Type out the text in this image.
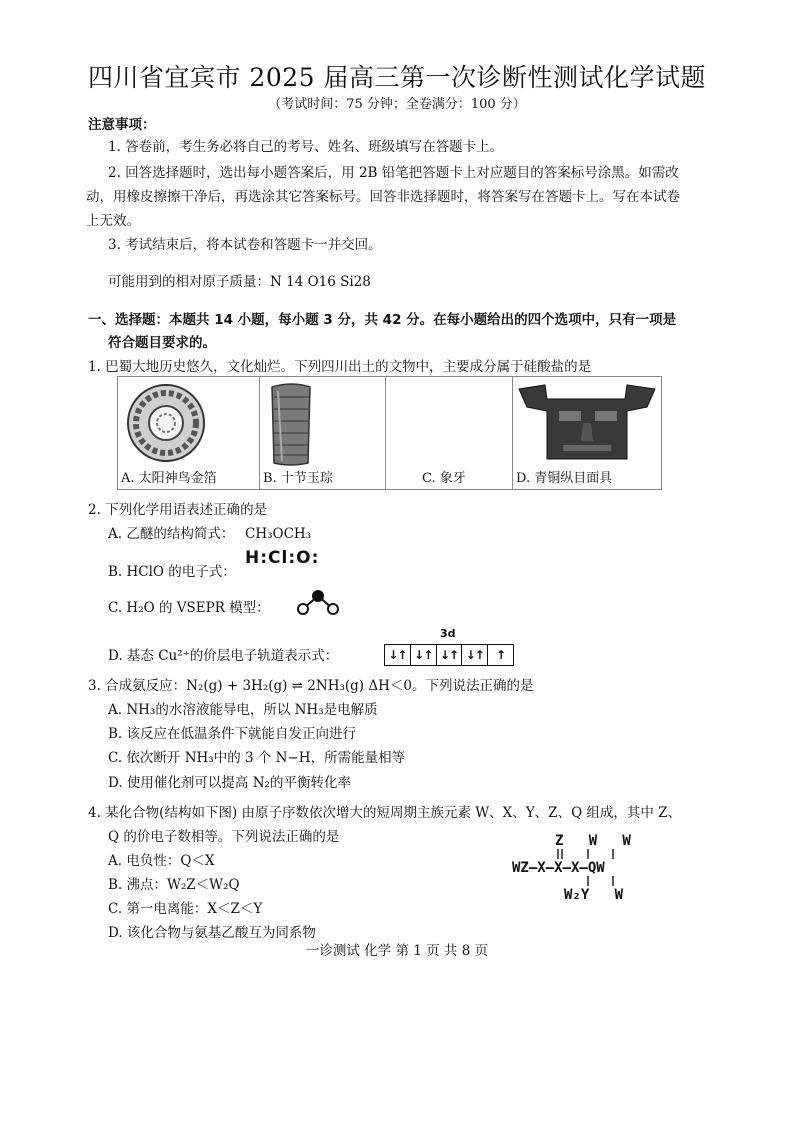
四川省宜宾市 2025 届高三第一次诊断性测试化学试题
（考试时间：75 分钟；全卷满分：100 分）
注意事项：
1. 答卷前，考生务必将自己的考号、姓名、班级填写在答题卡上。
2. 回答选择题时，选出每小题答案后，用 2B 铅笔把答题卡上对应题目的答案标号涂黑。如需改
动，用橡皮擦擦干净后，再选涂其它答案标号。回答非选择题时，将答案写在答题卡上。写在本试卷
上无效。
3. 考试结束后，将本试卷和答题卡一并交回。
可能用到的相对原子质量：N 14 O16 Si28
一、选择题：本题共 14 小题，每小题 3 分，共 42 分。在每小题给出的四个选项中，只有一项是
符合题目要求的。
1. 巴蜀大地历史悠久，文化灿烂。下列四川出土的文物中，主要成分属于硅酸盐的是
A. 太阳神鸟金箔	B. 十节玉琮	C. 象牙	D. 青铜纵目面具
2. 下列化学用语表述正确的是
A. 乙醚的结构简式： CH₃OCH₃
B. HClO 的电子式：
H:Cl:O:
C. H₂O 的 VSEPR 模型：
D. 基态 Cu²⁺的价层电子轨道表示式：
3d
↓↑ ↓↑ ↓↑ ↓↑	↑
3. 合成氨反应：N₂(g) + 3H₂(g) ⇌ 2NH₃(g) ΔH＜0。下列说法正确的是
A. NH₃的水溶液能导电，所以 NH₃是电解质
B. 该反应在低温条件下就能自发正向进行
C. 依次断开 NH₃中的 3 个 N−H，所需能量相等
D. 使用催化剂可以提高 N₂的平衡转化率
4. 某化合物(结构如下图) 由原子序数依次增大的短周期主族元素 W、X、Y、Z、Q 组成，其中 Z、
Q 的价电子数相等。下列说法正确的是
A. 电负性：Q＜X
B. 沸点：W₂Z＜W₂Q
C. 第一电离能：X＜Z＜Y
D. 该化合物与氨基乙酸互为同系物
Z   W   W
WZ—X—X—X—QW
W₂Y   W
一诊测试 化学 第 1 页 共 8 页
